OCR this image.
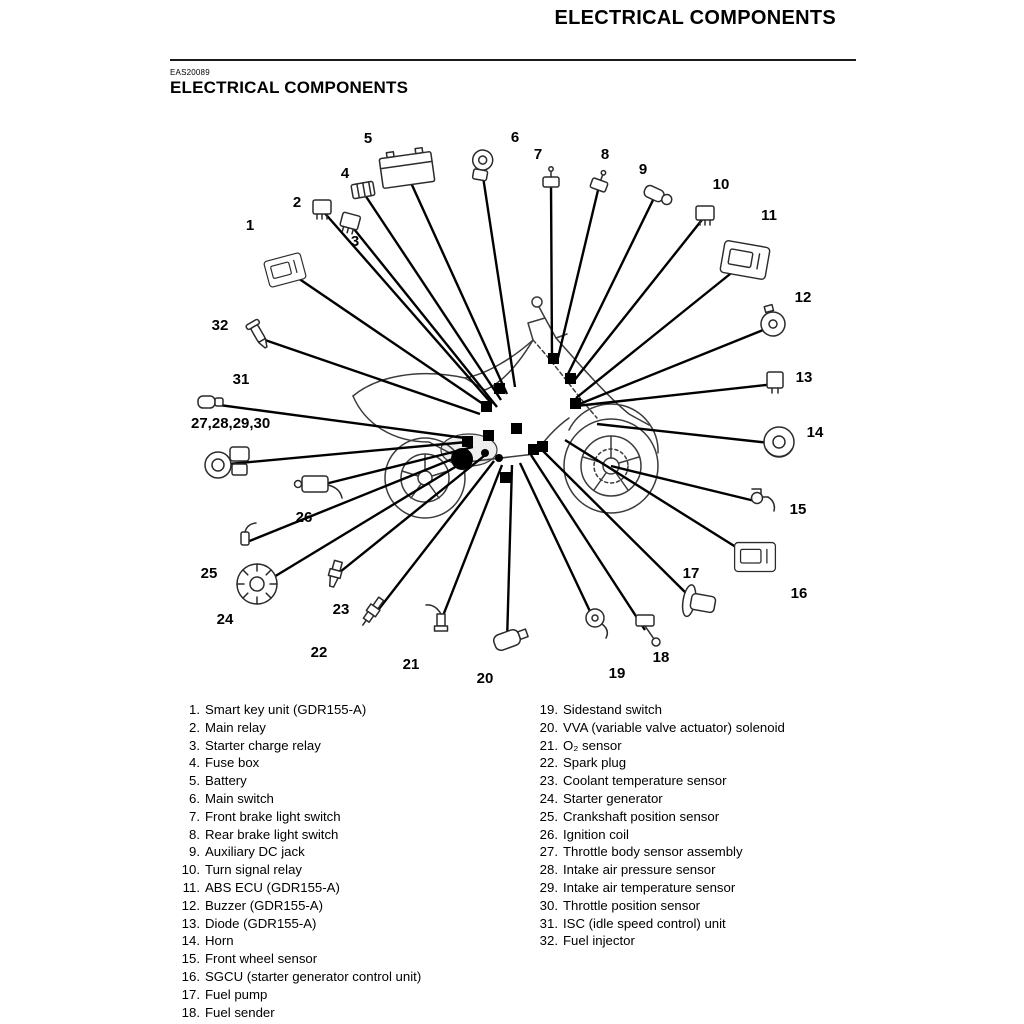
ELECTRICAL COMPONENTS
EAS20089
ELECTRICAL COMPONENTS
1
2
3
4
5	6
7	8
9
10
11
12
13
14
15
16
17
18
19
20
21
22
23
24
25
26
27,28,29,30
31
32
1. Smart key unit (GDR155-A)
2. Main relay
3. Starter charge relay
4. Fuse box
5. Battery
6. Main switch
7. Front brake light switch
8. Rear brake light switch
9. Auxiliary DC jack
10. Turn signal relay
11. ABS ECU (GDR155-A)
12. Buzzer (GDR155-A)
13. Diode (GDR155-A)
14. Horn
15. Front wheel sensor
16. SGCU (starter generator control unit)
17. Fuel pump
18. Fuel sender
19. Sidestand switch
20. VVA (variable valve actuator) solenoid
21. O₂ sensor
22. Spark plug
23. Coolant temperature sensor
24. Starter generator
25. Crankshaft position sensor
26. Ignition coil
27. Throttle body sensor assembly
28. Intake air pressure sensor
29. Intake air temperature sensor
30. Throttle position sensor
31. ISC (idle speed control) unit
32. Fuel injector
